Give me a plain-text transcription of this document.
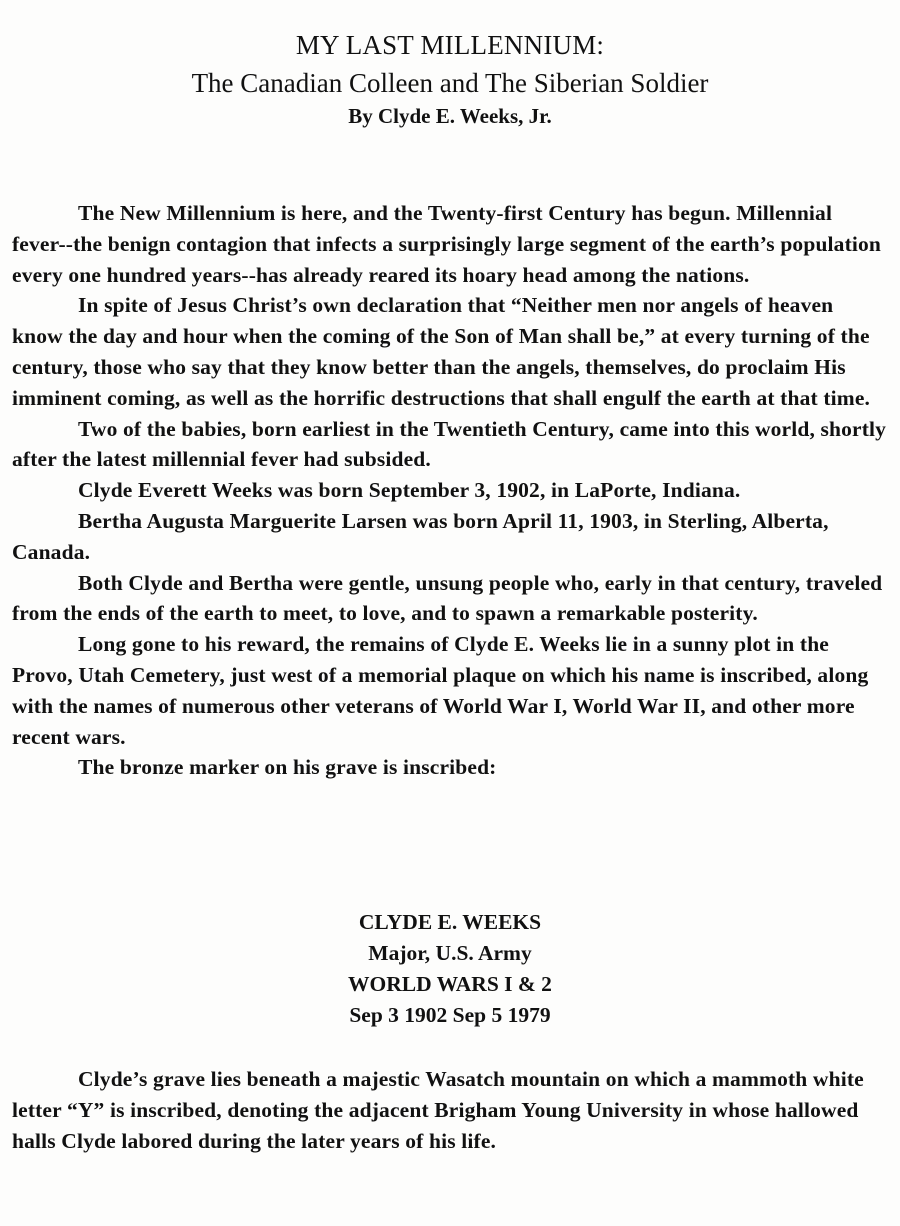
MY LAST MILLENNIUM:
The Canadian Colleen and The Siberian Soldier
By Clyde E. Weeks, Jr.

The New Millennium is here, and the Twenty-first Century has begun. Millennial fever--the benign contagion that infects a surprisingly large segment of the earth’s population every one hundred years--has already reared its hoary head among the nations.

In spite of Jesus Christ’s own declaration that “Neither men nor angels of heaven know the day and hour when the coming of the Son of Man shall be,” at every turning of the century, those who say that they know better than the angels, themselves, do proclaim His imminent coming, as well as the horrific destructions that shall engulf the earth at that time.

Two of the babies, born earliest in the Twentieth Century, came into this world, shortly after the latest millennial fever had subsided.

Clyde Everett Weeks was born September 3, 1902, in LaPorte, Indiana.

Bertha Augusta Marguerite Larsen was born April 11, 1903, in Sterling, Alberta, Canada.

Both Clyde and Bertha were gentle, unsung people who, early in that century, traveled from the ends of the earth to meet, to love, and to spawn a remarkable posterity.

Long gone to his reward, the remains of Clyde E. Weeks lie in a sunny plot in the Provo, Utah Cemetery, just west of a memorial plaque on which his name is inscribed, along with the names of numerous other veterans of World War I, World War II, and other more recent wars.

The bronze marker on his grave is inscribed:

CLYDE E. WEEKS
Major, U.S. Army
WORLD WARS I & 2
Sep 3 1902 Sep 5 1979

Clyde’s grave lies beneath a majestic Wasatch mountain on which a mammoth white letter “Y” is inscribed, denoting the adjacent Brigham Young University in whose hallowed halls Clyde labored during the later years of his life.
